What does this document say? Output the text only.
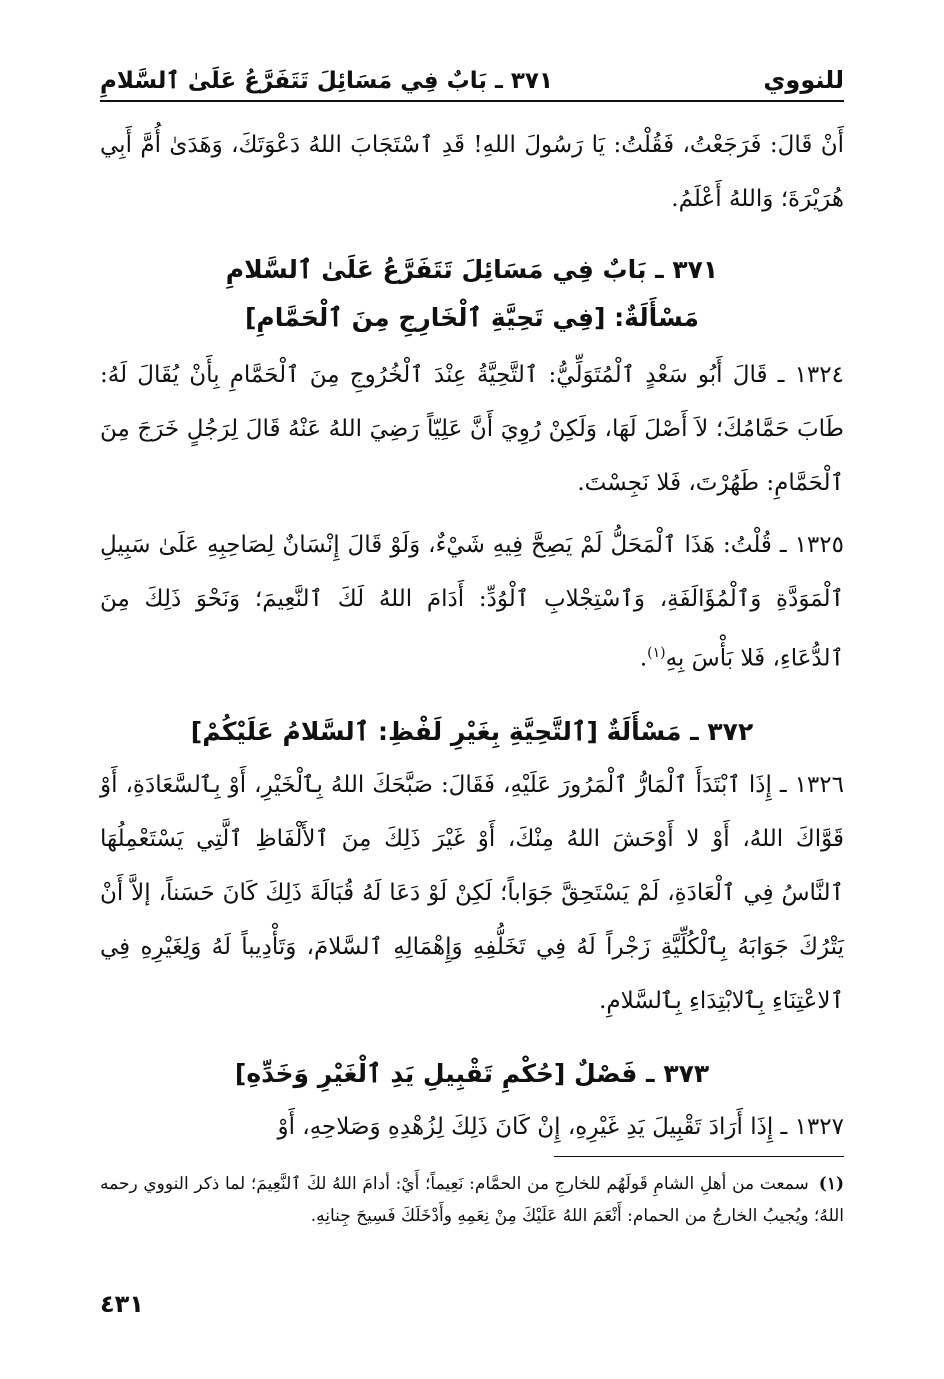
للنووي
٣٧١ ـ بَابٌ فِي مَسَائِلَ تَتَفَرَّعُ عَلَىٰ ٱلسَّلامِ

أَنْ قَالَ: فَرَجَعْتُ، فَقُلْتُ: يَا رَسُولَ اللهِ! قَدِ ٱسْتَجَابَ اللهُ دَعْوَتَكَ، وَهَدَىٰ أُمَّ أَبِي هُرَيْرَةَ؛ وَاللهُ أَعْلَمُ.

٣٧١ ـ بَابٌ فِي مَسَائِلَ تَتَفَرَّعُ عَلَىٰ ٱلسَّلامِ

مَسْأَلَةٌ: [فِي تَحِيَّةِ ٱلْخَارِجِ مِنَ ٱلْحَمَّامِ]

١٣٢٤ ـ قَالَ أَبُو سَعْدٍ ٱلْمُتَوَلِّيُّ: ٱلتَّحِيَّةُ عِنْدَ ٱلْخُرُوجِ مِنَ ٱلْحَمَّامِ بِأَنْ يُقَالَ لَهُ: طَابَ حَمَّامُكَ؛ لاَ أَصْلَ لَهَا، وَلَكِنْ رُوِيَ أَنَّ عَلِيّاً رَضِيَ اللهُ عَنْهُ قَالَ لِرَجُلٍ خَرَجَ مِنَ ٱلْحَمَّامِ: طَهُرْتَ، فَلا نَجِسْتَ.

١٣٢٥ ـ قُلْتُ: هَذَا ٱلْمَحَلُّ لَمْ يَصِحَّ فِيهِ شَيْءٌ، وَلَوْ قَالَ إِنْسَانٌ لِصَاحِبِهِ عَلَىٰ سَبِيلِ ٱلْمَوَدَّةِ وَٱلْمُؤَالَفَةِ، وَٱسْتِجْلابِ ٱلْوُدِّ: أَدَامَ اللهُ لَكَ ٱلنَّعِيمَ؛ وَنَحْوَ ذَلِكَ مِنَ ٱلدُّعَاءِ، فَلا بَأْسَ بِهِ$^{(١)}$.

٣٧٢ ـ مَسْأَلَةٌ [ٱلتَّحِيَّةِ بِغَيْرِ لَفْظِ: ٱلسَّلامُ عَلَيْكُمْ]

١٣٢٦ ـ إِذَا ٱبْتَدَأَ ٱلْمَارُّ ٱلْمَرُورَ عَلَيْهِ، فَقَالَ: صَبَّحَكَ اللهُ بِٱلْخَيْرِ، أَوْ بِٱلسَّعَادَةِ، أَوْ قَوَّاكَ اللهُ، أَوْ لا أَوْحَشَ اللهُ مِنْكَ، أَوْ غَيْرَ ذَلِكَ مِنَ ٱلأَلْفَاظِ ٱلَّتِي يَسْتَعْمِلُهَا ٱلنَّاسُ فِي ٱلْعَادَةِ، لَمْ يَسْتَحِقَّ جَوَاباً؛ لَكِنْ لَوْ دَعَا لَهُ قُبَالَةَ ذَلِكَ كَانَ حَسَناً، إلاَّ أَنْ يَتْرُكَ جَوَابَهُ بِٱلْكُلِّيَّةِ زَجْراً لَهُ فِي تَخَلُّفِهِ وَإِهْمَالِهِ ٱلسَّلامَ، وَتَأْدِيباً لَهُ وَلِغَيْرِهِ فِي ٱلاعْتِنَاءِ بِٱلابْتِدَاءِ بِٱلسَّلامِ.

٣٧٣ ـ فَصْلٌ [حُكْمِ تَقْبِيلِ يَدِ ٱلْغَيْرِ وَخَدِّهِ]

١٣٢٧ ـ إِذَا أَرَادَ تَقْبِيلَ يَدِ غَيْرِهِ، إِنْ كَانَ ذَلِكَ لِزُهْدِهِ وَصَلاحِهِ، أَوْ

(١)سمعت من أهلِ الشامِ قَولَهُم للخارجِ من الحمَّام: نَعِيماً؛ أَيْ: أدامَ اللهُ لكَ ٱلنَّعِيمَ؛ لما ذكر النووي رحمه اللهُ؛ ويُجيبُ الخارجُ من الحمام: أَنْعَمَ اللهُ عَلَيْكَ مِنْ نِعَمِهِ وأَدْخَلَكَ فَسِيحَ جِنانِهِ.
٤٣١
